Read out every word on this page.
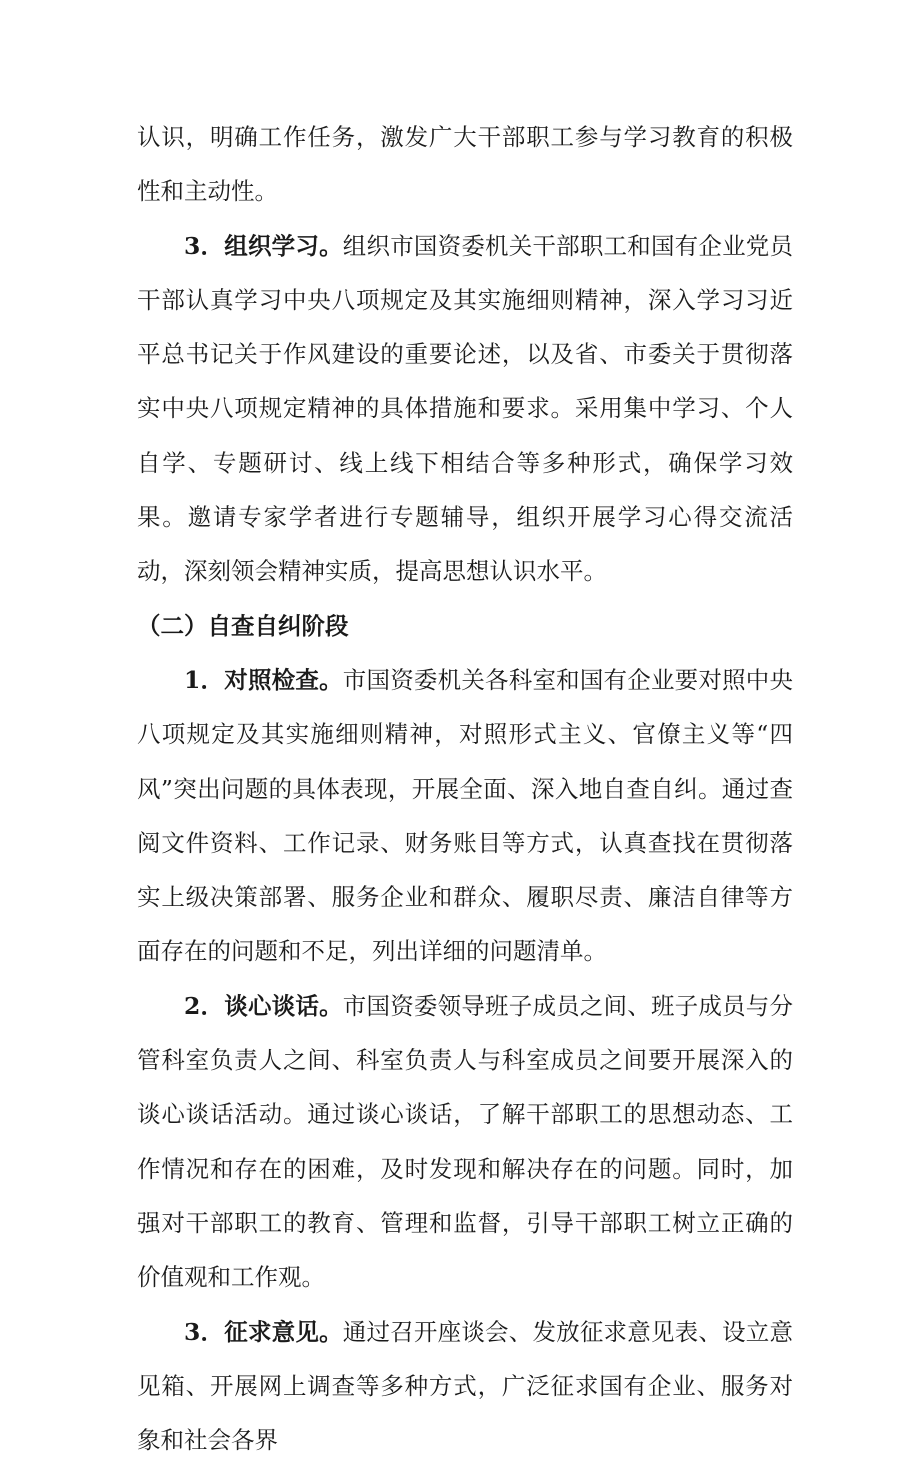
认识，明确工作任务，激发广大干部职工参与学习教育的积极性和主动性。

3．组织学习。组织市国资委机关干部职工和国有企业党员干部认真学习中央八项规定及其实施细则精神，深入学习习近平总书记关于作风建设的重要论述，以及省、市委关于贯彻落实中央八项规定精神的具体措施和要求。采用集中学习、个人自学、专题研讨、线上线下相结合等多种形式，确保学习效果。邀请专家学者进行专题辅导，组织开展学习心得交流活动，深刻领会精神实质，提高思想认识水平。

（二）自查自纠阶段

1．对照检查。市国资委机关各科室和国有企业要对照中央八项规定及其实施细则精神，对照形式主义、官僚主义等“四风”突出问题的具体表现，开展全面、深入地自查自纠。通过查阅文件资料、工作记录、财务账目等方式，认真查找在贯彻落实上级决策部署、服务企业和群众、履职尽责、廉洁自律等方面存在的问题和不足，列出详细的问题清单。

2．谈心谈话。市国资委领导班子成员之间、班子成员与分管科室负责人之间、科室负责人与科室成员之间要开展深入的谈心谈话活动。通过谈心谈话，了解干部职工的思想动态、工作情况和存在的困难，及时发现和解决存在的问题。同时，加强对干部职工的教育、管理和监督，引导干部职工树立正确的价值观和工作观。

3．征求意见。通过召开座谈会、发放征求意见表、设立意见箱、开展网上调查等多种方式，广泛征求国有企业、服务对象和社会各界
